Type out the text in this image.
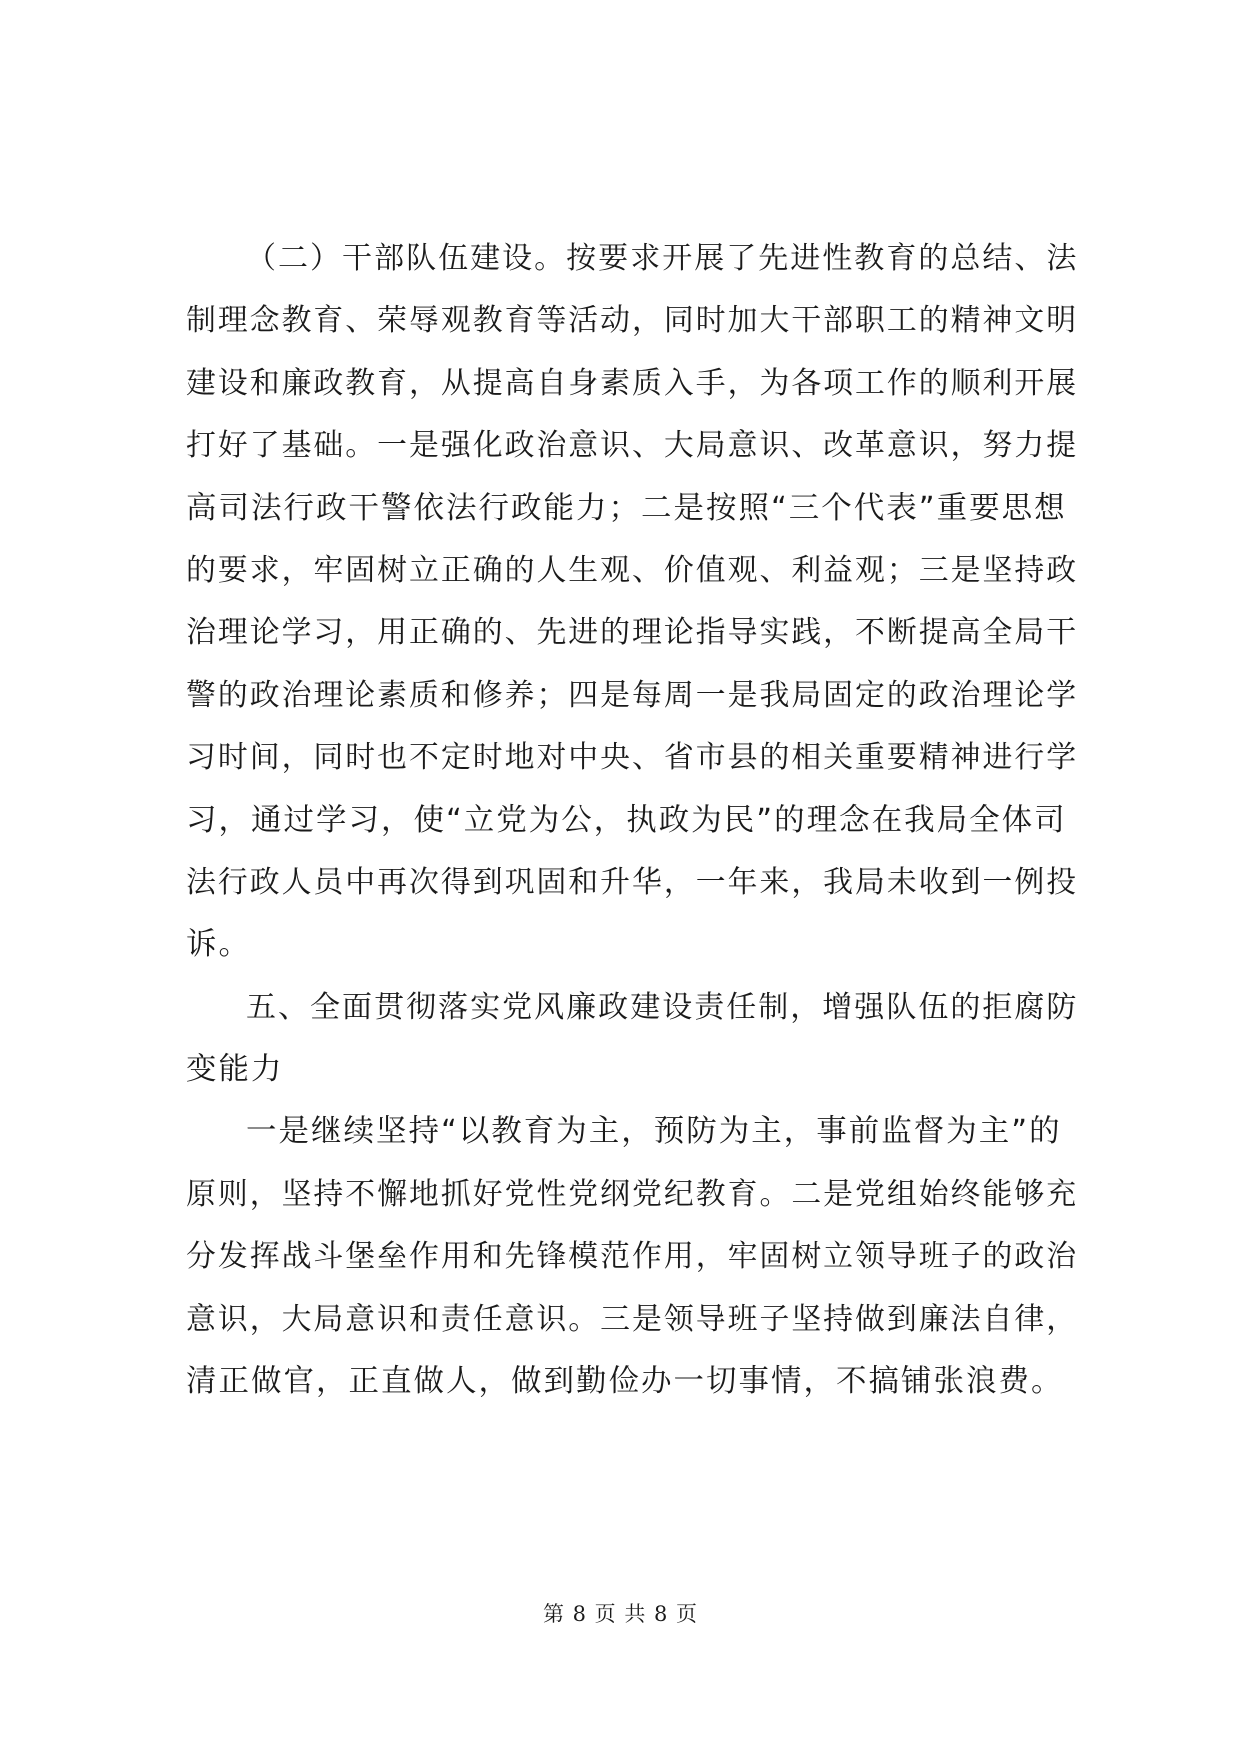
（二）干部队伍建设。按要求开展了先进性教育的总结、法
制理念教育、荣辱观教育等活动，同时加大干部职工的精神文明
建设和廉政教育，从提高自身素质入手，为各项工作的顺利开展
打好了基础。一是强化政治意识、大局意识、改革意识，努力提
高司法行政干警依法行政能力；二是按照“三个代表”重要思想
的要求，牢固树立正确的人生观、价值观、利益观；三是坚持政
治理论学习，用正确的、先进的理论指导实践，不断提高全局干
警的政治理论素质和修养；四是每周一是我局固定的政治理论学
习时间，同时也不定时地对中央、省市县的相关重要精神进行学
习，通过学习，使“立党为公，执政为民”的理念在我局全体司
法行政人员中再次得到巩固和升华，一年来，我局未收到一例投
诉。
五、全面贯彻落实党风廉政建设责任制，增强队伍的拒腐防
变能力
一是继续坚持“以教育为主，预防为主，事前监督为主”的
原则，坚持不懈地抓好党性党纲党纪教育。二是党组始终能够充
分发挥战斗堡垒作用和先锋模范作用，牢固树立领导班子的政治
意识，大局意识和责任意识。三是领导班子坚持做到廉法自律，
清正做官，正直做人，做到勤俭办一切事情，不搞铺张浪费。
第 8 页 共 8 页
